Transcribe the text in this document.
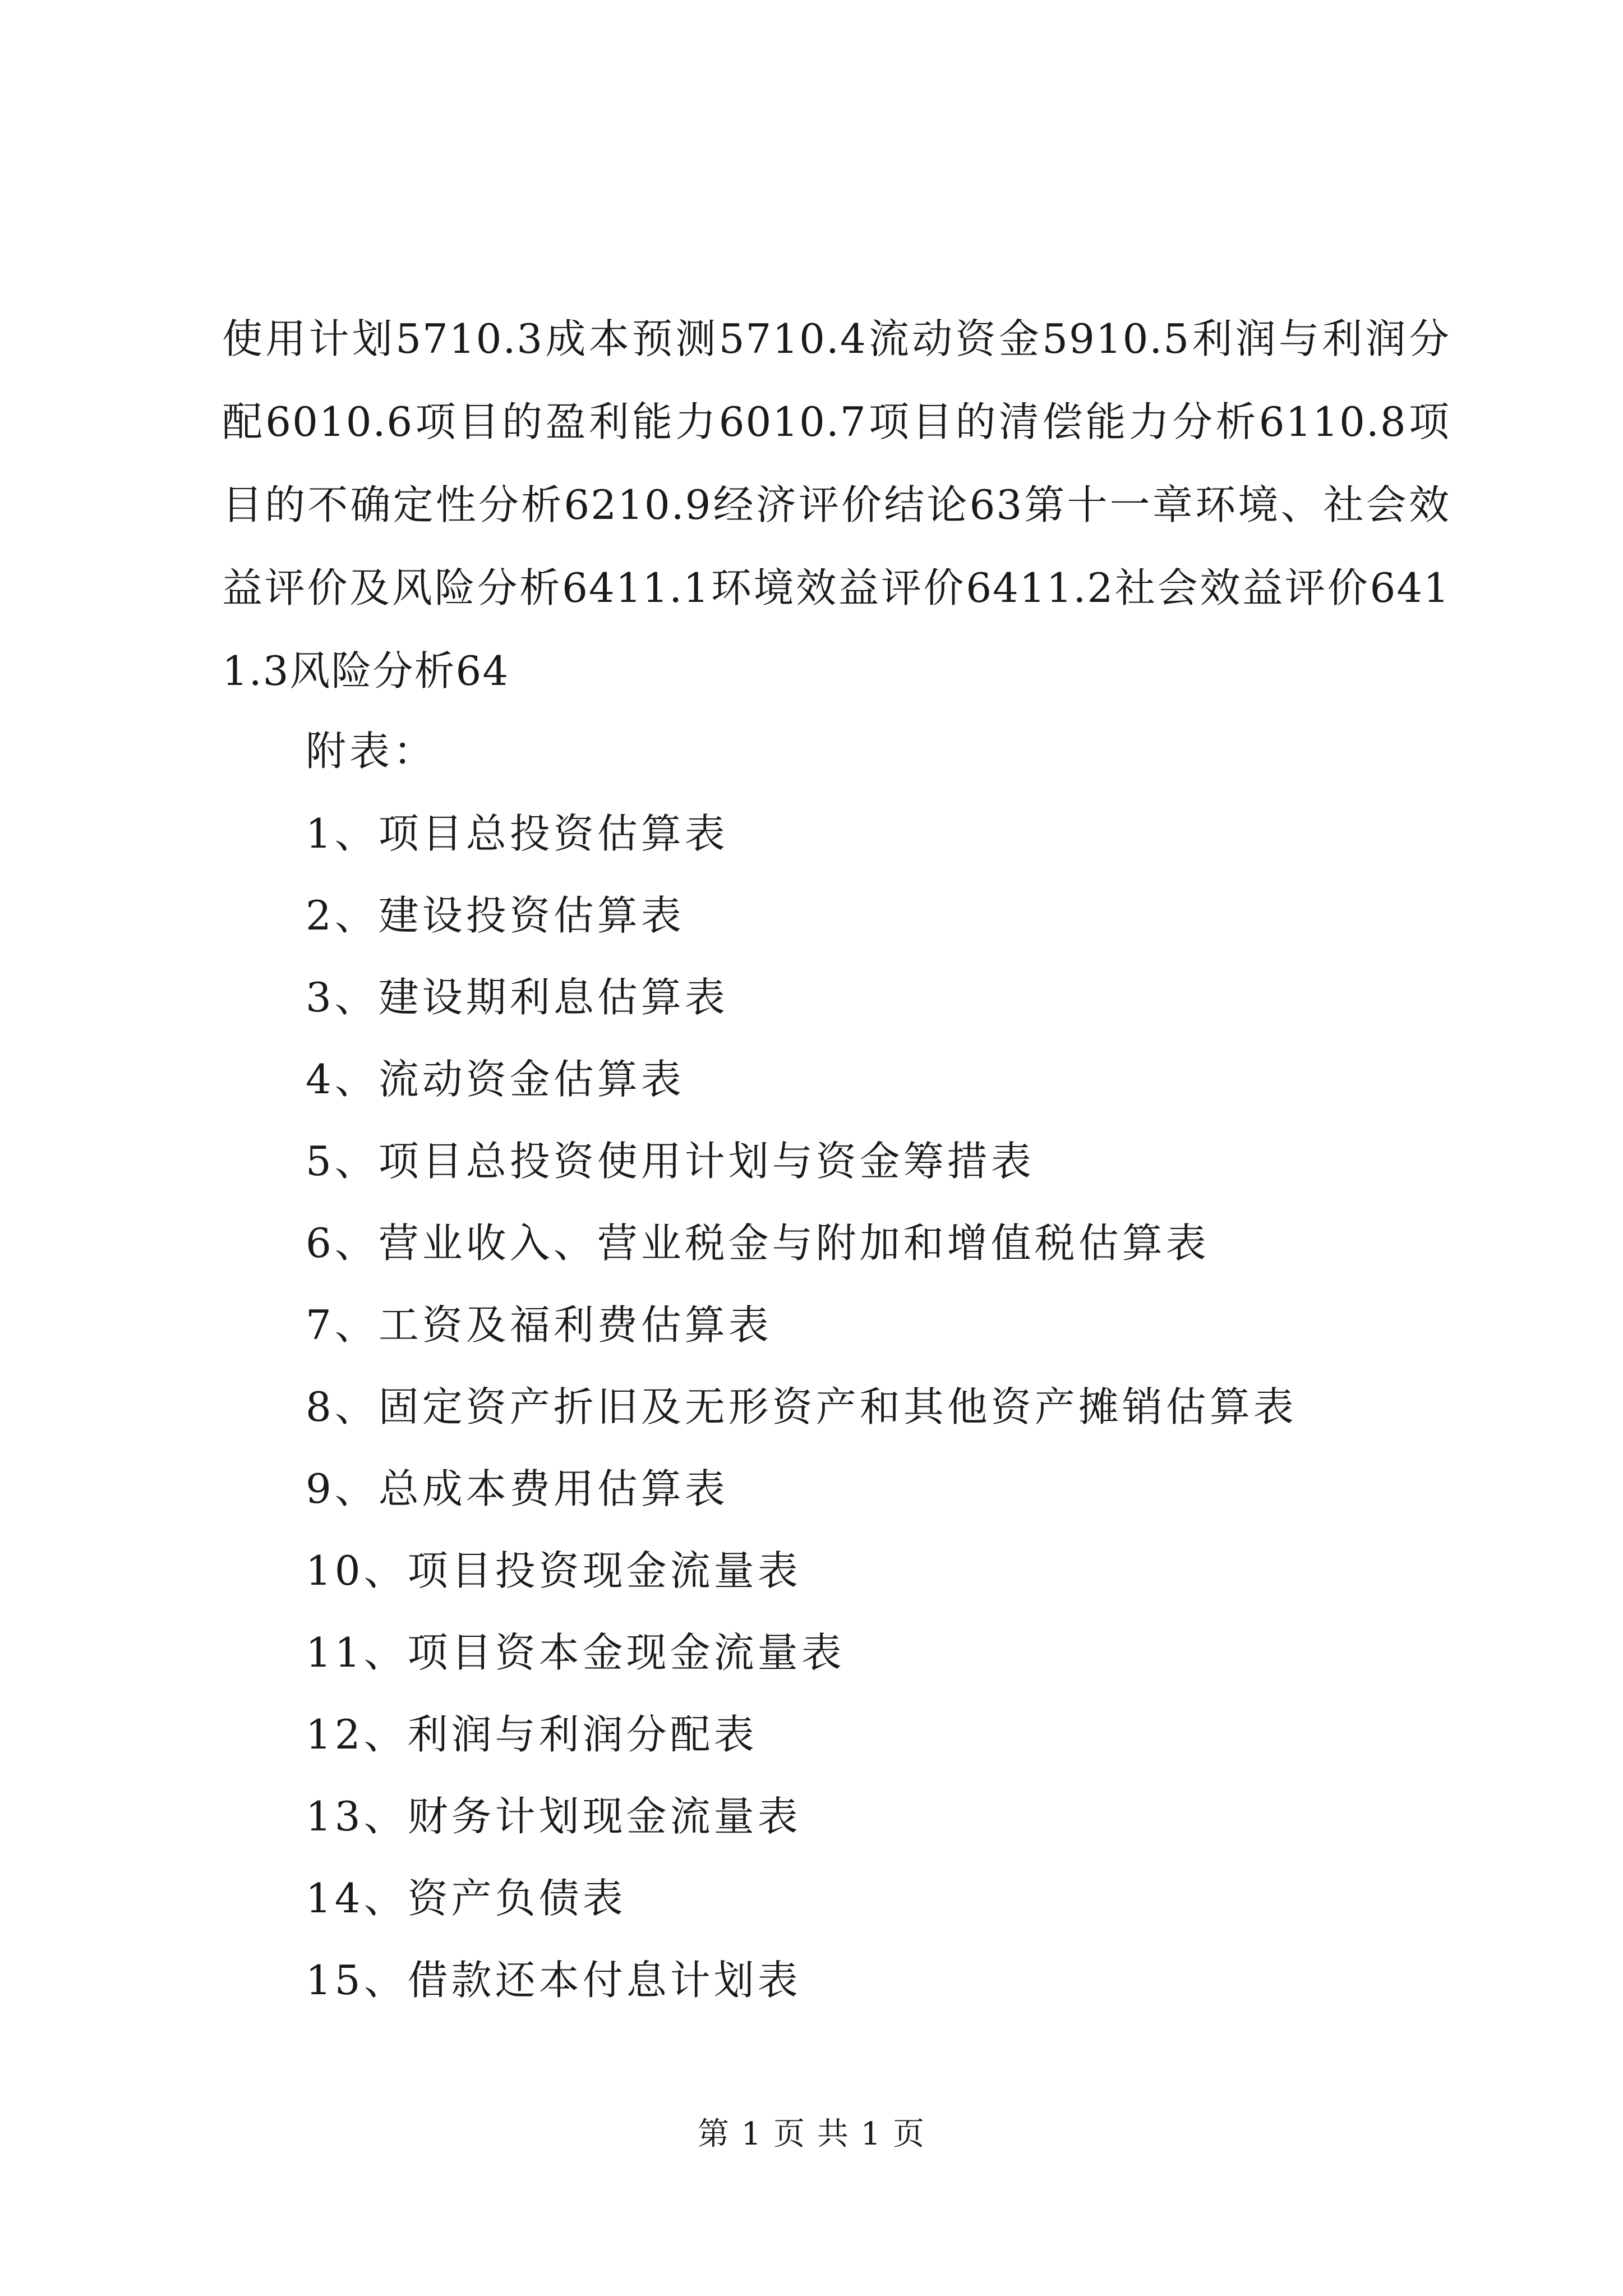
使用计划5710.3成本预测5710.4流动资金5910.5利润与利润分配6010.6项目的盈利能力6010.7项目的清偿能力分析6110.8项目的不确定性分析6210.9经济评价结论63第十一章环境、社会效益评价及风险分析6411.1环境效益评价6411.2社会效益评价6411.3风险分析64

附表：
1、项目总投资估算表
2、建设投资估算表
3、建设期利息估算表
4、流动资金估算表
5、项目总投资使用计划与资金筹措表
6、营业收入、营业税金与附加和增值税估算表
7、工资及福利费估算表
8、固定资产折旧及无形资产和其他资产摊销估算表
9、总成本费用估算表
10、项目投资现金流量表
11、项目资本金现金流量表
12、利润与利润分配表
13、财务计划现金流量表
14、资产负债表
15、借款还本付息计划表
第 1 页 共 1 页
